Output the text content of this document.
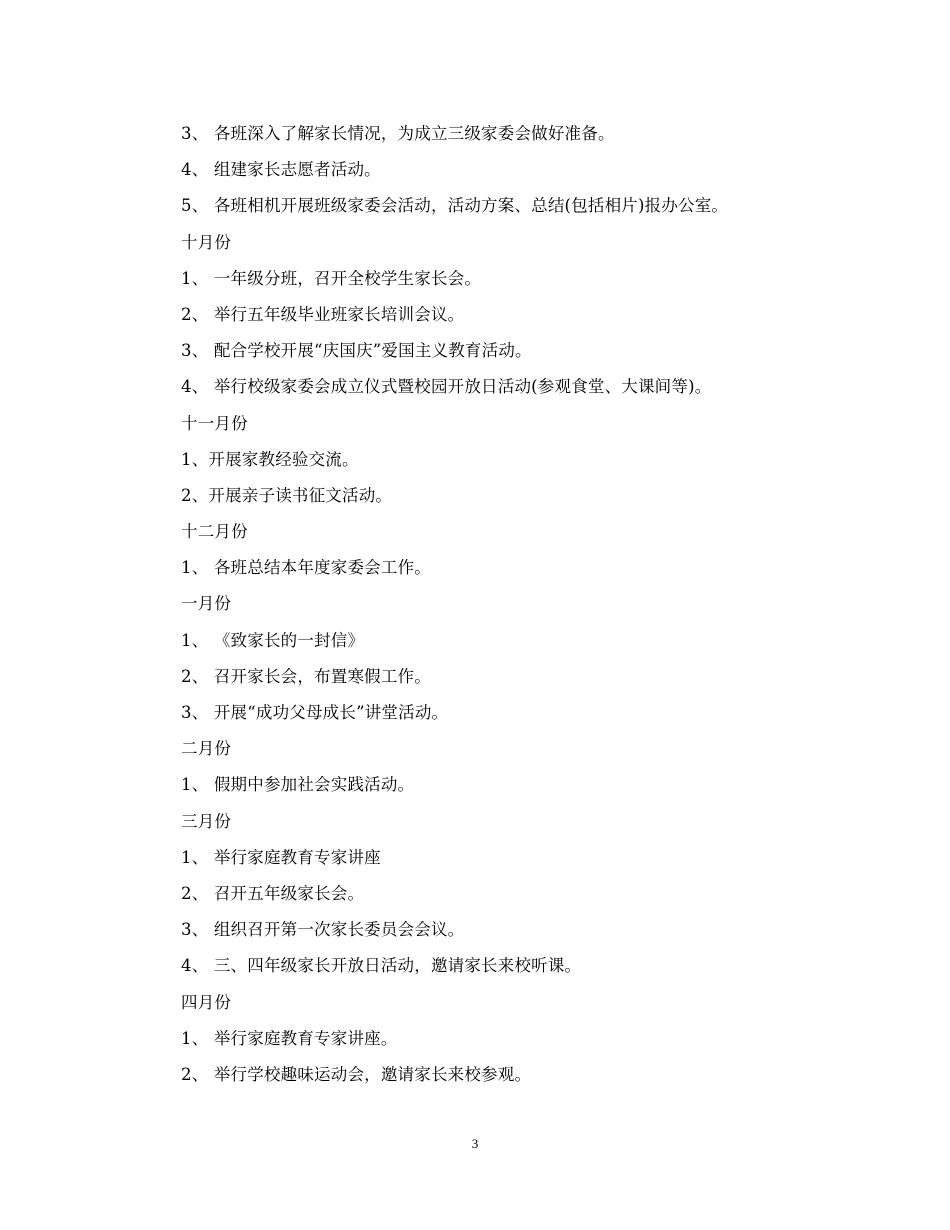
3、 各班深入了解家长情况，为成立三级家委会做好准备。
4、 组建家长志愿者活动。
5、 各班相机开展班级家委会活动，活动方案、总结(包括相片)报办公室。
十月份
1、 一年级分班，召开全校学生家长会。
2、 举行五年级毕业班家长培训会议。
3、 配合学校开展“庆国庆”爱国主义教育活动。
4、 举行校级家委会成立仪式暨校园开放日活动(参观食堂、大课间等)。
十一月份
1、开展家教经验交流。
2、开展亲子读书征文活动。
十二月份
1、 各班总结本年度家委会工作。
一月份
1、 《致家长的一封信》
2、 召开家长会，布置寒假工作。
3、 开展“成功父母成长”讲堂活动。
二月份
1、 假期中参加社会实践活动。
三月份
1、 举行家庭教育专家讲座
2、 召开五年级家长会。
3、 组织召开第一次家长委员会会议。
4、 三、四年级家长开放日活动，邀请家长来校听课。
四月份
1、 举行家庭教育专家讲座。
2、 举行学校趣味运动会，邀请家长来校参观。
3
